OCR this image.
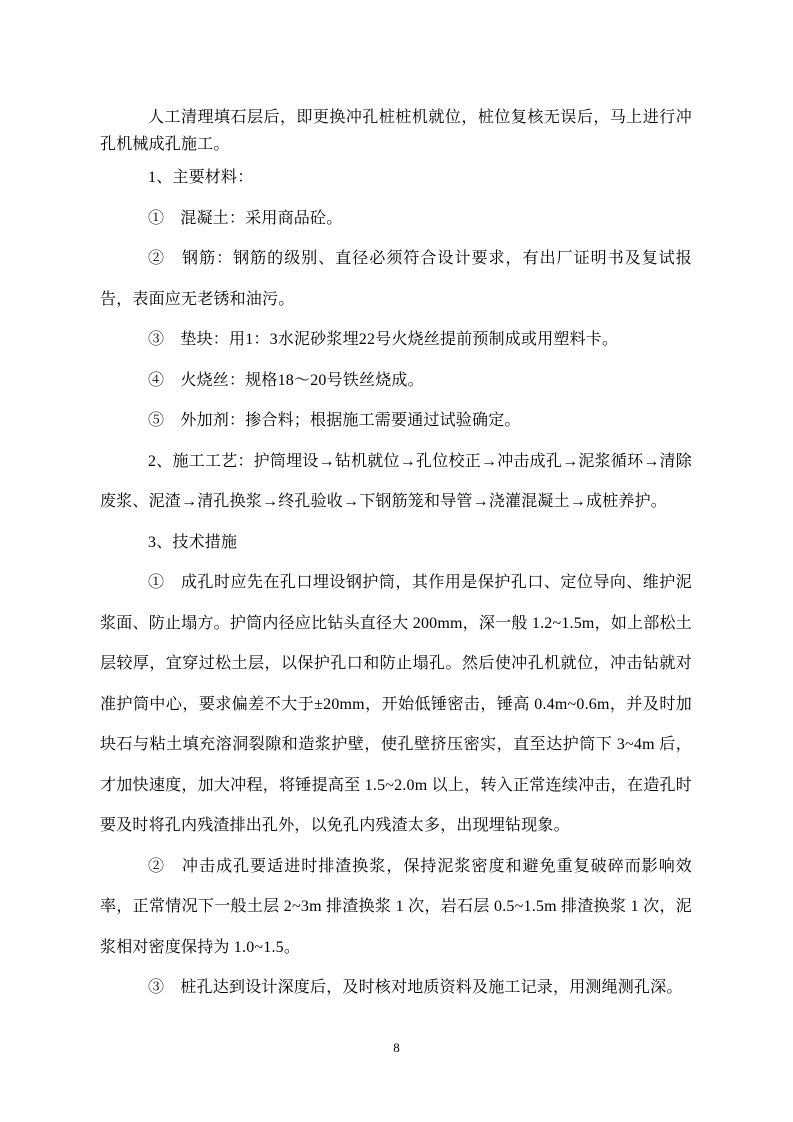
人工清理填石层后，即更换冲孔桩桩机就位，桩位复核无误后，马上进行冲孔机械成孔施工。

1、主要材料：

①　混凝土：采用商品砼。

②　钢筋：钢筋的级别、直径必须符合设计要求，有出厂证明书及复试报告，表面应无老锈和油污。

③　垫块：用1：3水泥砂浆埋22号火烧丝提前预制成或用塑料卡。

④　火烧丝：规格18～20号铁丝烧成。

⑤　外加剂：掺合料；根据施工需要通过试验确定。

2、施工工艺：护筒埋设→钻机就位→孔位校正→冲击成孔→泥浆循环→清除废浆、泥渣→清孔换浆→终孔验收→下钢筋笼和导管→浇灌混凝土→成桩养护。

3、技术措施

①　成孔时应先在孔口埋设钢护筒，其作用是保护孔口、定位导向、维护泥浆面、防止塌方。护筒内径应比钻头直径大 200mm，深一般 1.2~1.5m，如上部松土层较厚，宜穿过松土层，以保护孔口和防止塌孔。然后使冲孔机就位，冲击钻就对准护筒中心，要求偏差不大于±20mm，开始低锤密击，锤高 0.4m~0.6m，并及时加块石与粘土填充溶洞裂隙和造浆护壁，使孔壁挤压密实，直至达护筒下 3~4m 后，才加快速度，加大冲程，将锤提高至 1.5~2.0m 以上，转入正常连续冲击，在造孔时要及时将孔内残渣排出孔外，以免孔内残渣太多，出现埋钻现象。

②　冲击成孔要适进时排渣换浆，保持泥浆密度和避免重复破碎而影响效率，正常情况下一般土层 2~3m 排渣换浆 1 次，岩石层 0.5~1.5m 排渣换浆 1 次，泥浆相对密度保持为 1.0~1.5。

③　桩孔达到设计深度后，及时核对地质资料及施工记录，用测绳测孔深。

8
